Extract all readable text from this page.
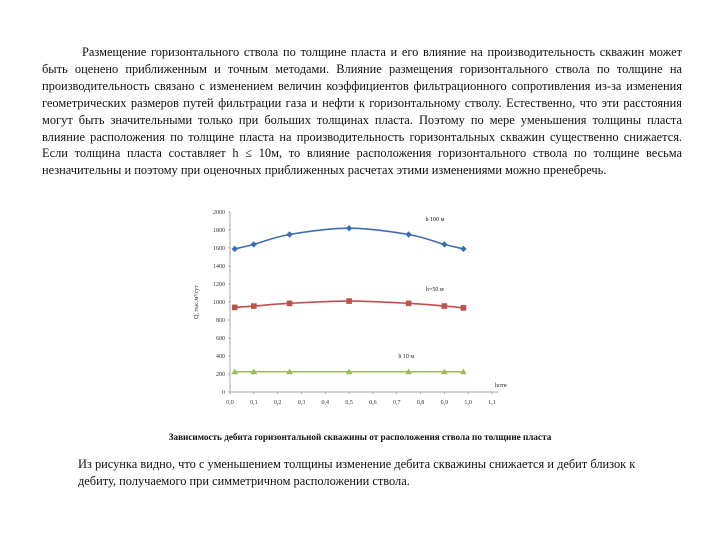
Размещение горизонтального ствола по толщине пласта и его влияние на производительность скважин может быть оценено приближенным и точным методами. Влияние размещения горизонтального ствола по толщине на производительность связано с изменением величин коэффициентов фильтрационного сопротивления из-за изменения геометрических размеров путей фильтрации газа и нефти к горизонтальному стволу. Естественно, что эти расстояния могут быть значительными только при больших толщинах пласта. Поэтому по мере уменьшения толщины пласта влияние расположения по толщине пласта на производительность горизонтальных скважин существенно снижается. Если толщина пласта составляет h ≤ 10м, то влияние расположения горизонтального ствола по толщине весьма незначительны и поэтому при оценочных приближенных расчетах этими изменениями можно пренебречь.

0
200
400
600
800
1000
1200
1400
1600
1800
2000
0,0	0,1	0,2	0,3	0,4	0,5	0,6	0,7	0,8	0,9	1,0	1,1
Q, тыс.м³/сут
hотн
h 100 м
h=50 м
h 10 м
Зависимость дебита горизонтальной скважины от расположения ствола по толщине пласта

Из рисунка видно, что с уменьшением толщины изменение дебита скважины снижается и дебит близок к дебиту, получаемого при симметричном расположении ствола.
